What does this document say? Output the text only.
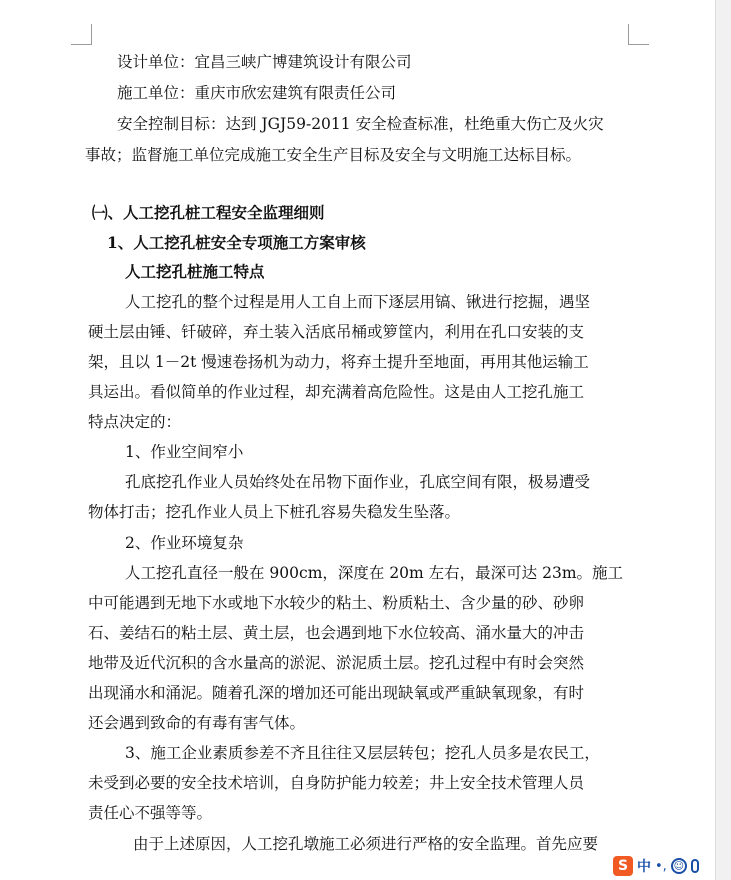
设计单位：宜昌三峡广博建筑设计有限公司
施工单位：重庆市欣宏建筑有限责任公司
安全控制目标：达到 JGJ59-2011 安全检查标准，杜绝重大伤亡及火灾
事故；监督施工单位完成施工安全生产目标及安全与文明施工达标目标。
㈠、人工挖孔桩工程安全监理细则
1、人工挖孔桩安全专项施工方案审核
人工挖孔桩施工特点
人工挖孔的整个过程是用人工自上而下逐层用镐、锹进行挖掘，遇坚
硬土层由锤、钎破碎，弃土装入活底吊桶或箩筐内，利用在孔口安装的支
架，且以 1－2t 慢速卷扬机为动力，将弃土提升至地面，再用其他运输工
具运出。看似简单的作业过程，却充满着高危险性。这是由人工挖孔施工
特点决定的：
1、作业空间窄小
孔底挖孔作业人员始终处在吊物下面作业，孔底空间有限，极易遭受
物体打击；挖孔作业人员上下桩孔容易失稳发生坠落。
2、作业环境复杂
人工挖孔直径一般在 900cm，深度在 20m 左右，最深可达 23m。施工
中可能遇到无地下水或地下水较少的粘土、粉质粘土、含少量的砂、砂卵
石、姜结石的粘土层、黄土层，也会遇到地下水位较高、涌水量大的冲击
地带及近代沉积的含水量高的淤泥、淤泥质土层。挖孔过程中有时会突然
出现涌水和涌泥。随着孔深的增加还可能出现缺氧或严重缺氧现象，有时
还会遇到致命的有毒有害气体。
3、施工企业素质参差不齐且往往又层层转包；挖孔人员多是农民工，
未受到必要的安全技术培训，自身防护能力较差；井上安全技术管理人员
责任心不强等等。
由于上述原因，人工挖孔墩施工必须进行严格的安全监理。首先应要
S 中 •, ☺
